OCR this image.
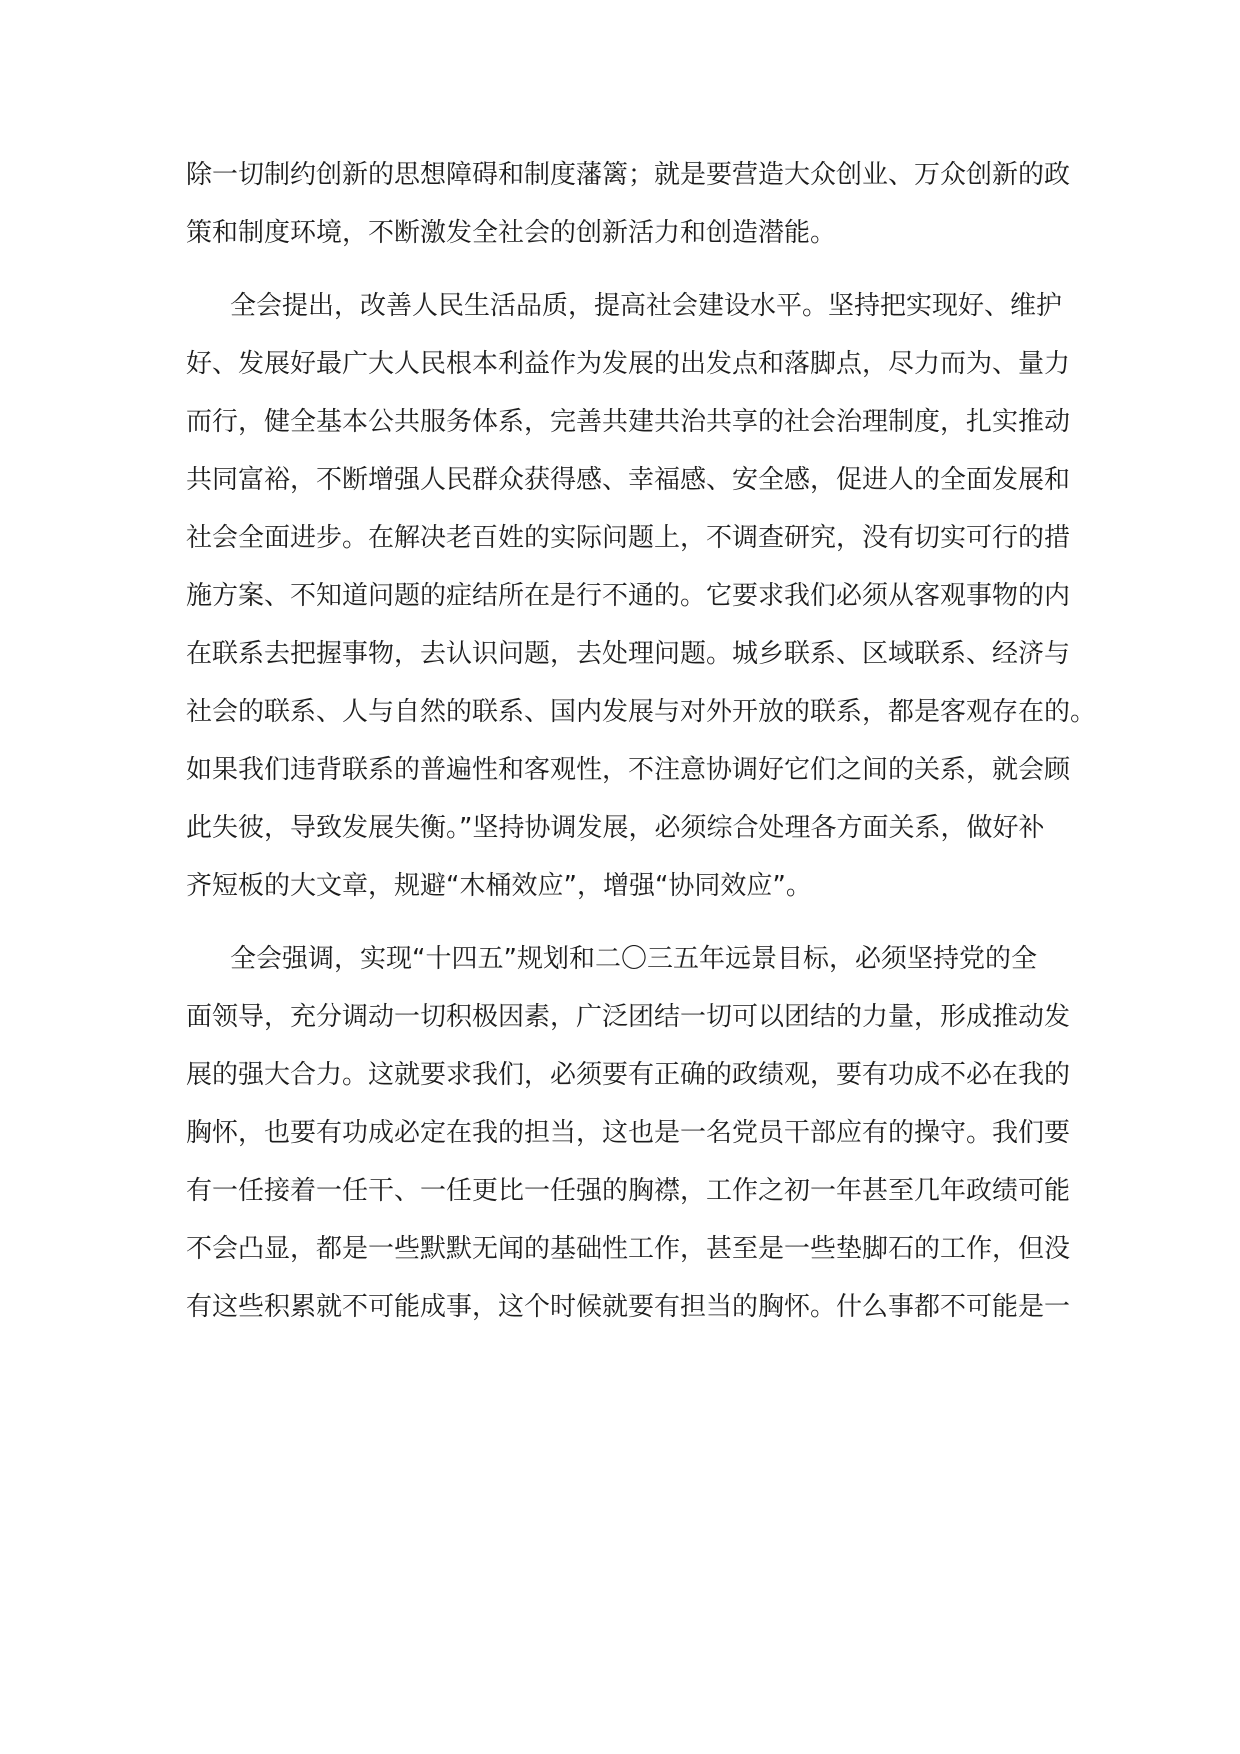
除一切制约创新的思想障碍和制度藩篱；就是要营造大众创业、万众创新的政
策和制度环境，不断激发全社会的创新活力和创造潜能。
全会提出，改善人民生活品质，提高社会建设水平。坚持把实现好、维护
好、发展好最广大人民根本利益作为发展的出发点和落脚点，尽力而为、量力
而行，健全基本公共服务体系，完善共建共治共享的社会治理制度，扎实推动
共同富裕，不断增强人民群众获得感、幸福感、安全感，促进人的全面发展和
社会全面进步。在解决老百姓的实际问题上，不调查研究，没有切实可行的措
施方案、不知道问题的症结所在是行不通的。它要求我们必须从客观事物的内
在联系去把握事物，去认识问题，去处理问题。城乡联系、区域联系、经济与
社会的联系、人与自然的联系、国内发展与对外开放的联系，都是客观存在的。
如果我们违背联系的普遍性和客观性，不注意协调好它们之间的关系，就会顾
此失彼，导致发展失衡。”坚持协调发展，必须综合处理各方面关系，做好补
齐短板的大文章，规避“木桶效应”，增强“协同效应”。
全会强调，实现“十四五”规划和二〇三五年远景目标，必须坚持党的全
面领导，充分调动一切积极因素，广泛团结一切可以团结的力量，形成推动发
展的强大合力。这就要求我们，必须要有正确的政绩观，要有功成不必在我的
胸怀，也要有功成必定在我的担当，这也是一名党员干部应有的操守。我们要
有一任接着一任干、一任更比一任强的胸襟，工作之初一年甚至几年政绩可能
不会凸显，都是一些默默无闻的基础性工作，甚至是一些垫脚石的工作，但没
有这些积累就不可能成事，这个时候就要有担当的胸怀。什么事都不可能是一
